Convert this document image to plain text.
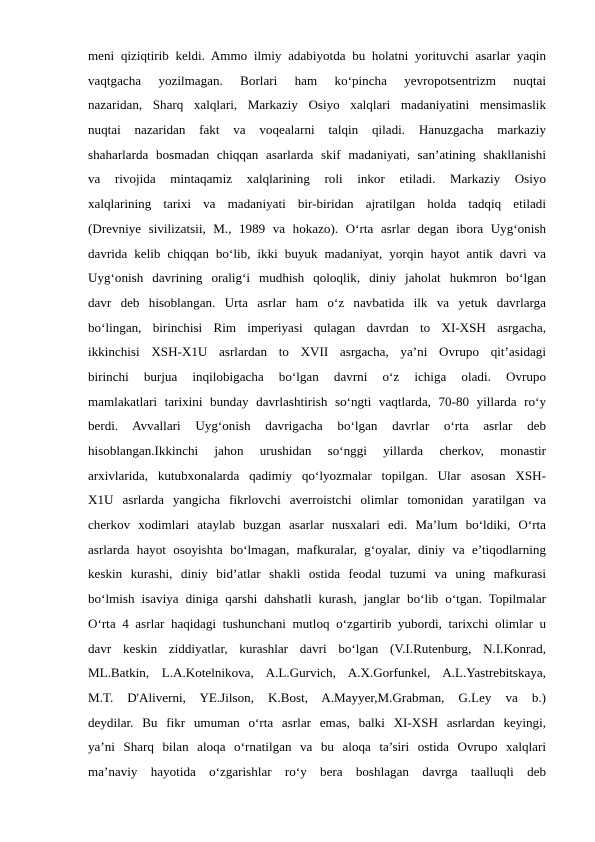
meni qiziqtirib keldi. Ammo ilmiy adabiyotda bu holatni yorituvchi asarlar yaqin
vaqtgacha yozilmagan. Borlari ham ko‘pincha yevropotsentrizm nuqtai
nazaridan, Sharq xalqlari, Markaziy Osiyo xalqlari madaniyatini mensimaslik
nuqtai nazaridan fakt va voqealarni talqin qiladi. Hanuzgacha markaziy
shaharlarda bosmadan chiqqan asarlarda skif madaniyati, san’atining shakllanishi
va rivojida mintaqamiz xalqlarining roli inkor etiladi. Markaziy Osiyo
xalqlarining tarixi va madaniyati bir-biridan ajratilgan holda tadqiq etiladi
(Drevniye sivilizatsii, M., 1989 va hokazo). O‘rta asrlar degan ibora Uyg‘onish
davrida kelib chiqqan bo‘lib, ikki buyuk madaniyat, yorqin hayot antik davri va
Uyg‘onish davrining oralig‘i mudhish qoloqlik, diniy jaholat hukmron bo‘lgan
davr deb hisoblangan. Urta asrlar ham o‘z navbatida ilk va yetuk davrlarga
bo‘lingan, birinchisi Rim imperiyasi qulagan davrdan to XI-XSH asrgacha,
ikkinchisi XSH-X1U asrlardan to XVII asrgacha, ya’ni Ovrupo qit’asidagi
birinchi burjua inqilobigacha bo‘lgan davrni o‘z ichiga oladi. Ovrupo
mamlakatlari tarixini bunday davrlashtirish so‘ngti vaqtlarda, 70-80 yillarda ro‘y
berdi. Avvallari Uyg‘onish davrigacha bo‘lgan davrlar o‘rta asrlar deb
hisoblangan.Ikkinchi jahon urushidan so‘nggi yillarda cherkov, monastir
arxivlarida, kutubxonalarda qadimiy qo‘lyozmalar topilgan. Ular asosan XSH-
X1U asrlarda yangicha fikrlovchi averroistchi olimlar tomonidan yaratilgan va
cherkov xodimlari ataylab buzgan asarlar nusxalari edi. Ma’lum bo‘ldiki, O‘rta
asrlarda hayot osoyishta bo‘lmagan, mafkuralar, g‘oyalar, diniy va e’tiqodlarning
keskin kurashi, diniy bid’atlar shakli ostida feodal tuzumi va uning mafkurasi
bo‘lmish isaviya diniga qarshi dahshatli kurash, janglar bo‘lib o‘tgan. Topilmalar
O‘rta 4 asrlar haqidagi tushunchani mutloq o‘zgartirib yubordi, tarixchi olimlar u
davr keskin ziddiyatlar, kurashlar davri bo‘lgan (V.I.Rutenburg, N.I.Konrad,
ML.Batkin, L.A.Kotelnikova, A.L.Gurvich, A.X.Gorfunkel, A.L.Yastrebitskaya,
M.T. D'Aliverni, YE.Jilson, K.Bost, A.Mayyer,M.Grabman, G.Ley va b.)
deydilar. Bu fikr umuman o‘rta asrlar emas, balki XI-XSH asrlardan keyingi,
ya’ni Sharq bilan aloqa o‘rnatilgan va bu aloqa ta’siri ostida Ovrupo xalqlari
ma’naviy hayotida o‘zgarishlar ro‘y bera boshlagan davrga taalluqli deb
